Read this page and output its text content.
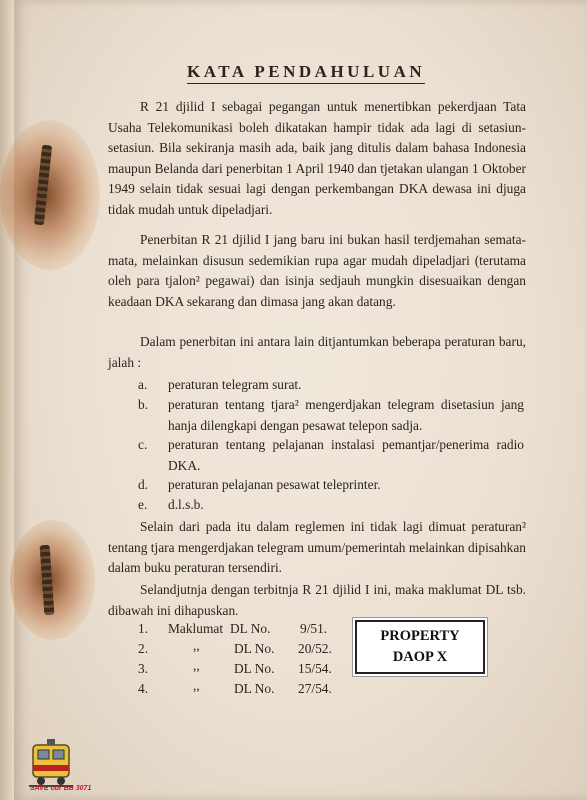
KATA PENDAHULUAN
R 21 djilid I sebagai pegangan untuk menertibkan pekerdjaan Tata Usaha Telekomunikasi boleh dikatakan hampir tidak ada lagi di setasiun-setasiun. Bila sekiranja masih ada, baik jang ditulis dalam bahasa Indonesia maupun Belanda dari penerbitan 1 April 1940 dan tjetakan ulangan 1 Oktober 1949 selain tidak sesuai lagi dengan perkembangan DKA dewasa ini djuga tidak mudah untuk dipeladjari.
Penerbitan R 21 djilid I jang baru ini bukan hasil terdjemahan semata-mata, melainkan disusun sedemikian rupa agar mudah dipeladjari (terutama oleh para tjalon² pegawai) dan isinja sedjauh mungkin disesuaikan dengan keadaan DKA sekarang dan dimasa jang akan datang.
Dalam penerbitan ini antara lain ditjantumkan beberapa peraturan baru, jalah :
a. peraturan telegram surat.
b. peraturan tentang tjara² mengerdjakan telegram disetasiun jang hanja dilengkapi dengan pesawat telepon sadja.
c. peraturan tentang pelajanan instalasi pemantjar/penerima radio DKA.
d. peraturan pelajanan pesawat teleprinter.
e. d.l.s.b.
Selain dari pada itu dalam reglemen ini tidak lagi dimuat peraturan² tentang tjara mengerdjakan telegram umum/pemerintah melainkan dipisahkan dalam buku peraturan tersendiri.
Selandjutnja dengan terbitnja R 21 djilid I ini, maka maklumat DL tsb. dibawah ini dihapuskan.
1. Maklumat DL No. 9/51.
2.	,,	DL No. 20/52.
3.	,,	DL No. 15/54.
4.	,,	DL No. 27/54.
PROPERTY
DAOP X
SAVE our BB 3071
